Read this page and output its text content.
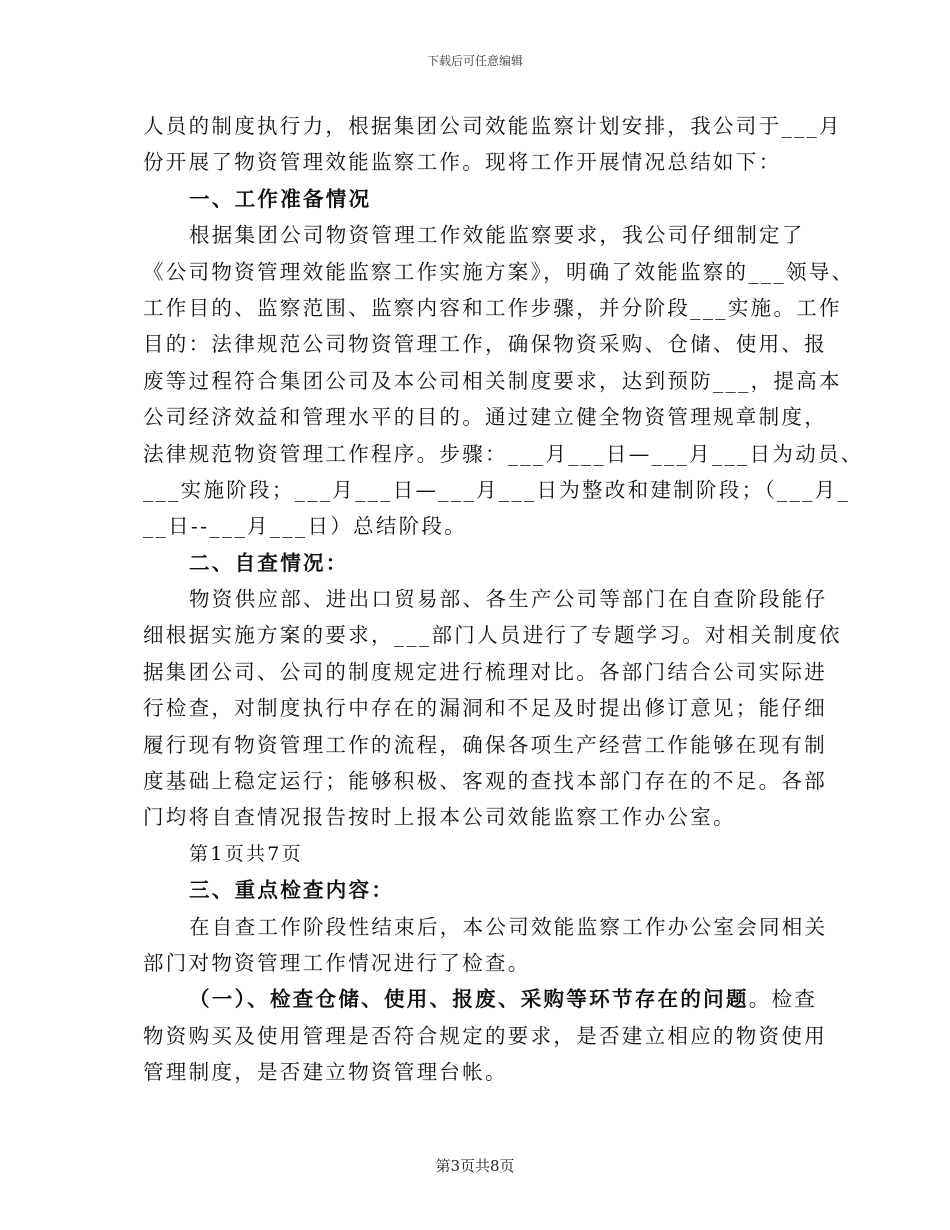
下载后可任意编辑
人员的制度执行力，根据集团公司效能监察计划安排，我公司于___月
份开展了物资管理效能监察工作。现将工作开展情况总结如下：
一、工作准备情况
根据集团公司物资管理工作效能监察要求，我公司仔细制定了
《公司物资管理效能监察工作实施方案》，明确了效能监察的___领导、
工作目的、监察范围、监察内容和工作步骤，并分阶段___实施。工作
目的：法律规范公司物资管理工作，确保物资采购、仓储、使用、报
废等过程符合集团公司及本公司相关制度要求，达到预防___，提高本
公司经济效益和管理水平的目的。通过建立健全物资管理规章制度，
法律规范物资管理工作程序。步骤：___月___日—___月___日为动员、
___实施阶段；___月___日—___月___日为整改和建制阶段；（___月_
__日--___月___日）总结阶段。
二、自查情况：
物资供应部、进出口贸易部、各生产公司等部门在自查阶段能仔
细根据实施方案的要求，___部门人员进行了专题学习。对相关制度依
据集团公司、公司的制度规定进行梳理对比。各部门结合公司实际进
行检查，对制度执行中存在的漏洞和不足及时提出修订意见；能仔细
履行现有物资管理工作的流程，确保各项生产经营工作能够在现有制
度基础上稳定运行；能够积极、客观的查找本部门存在的不足。各部
门均将自查情况报告按时上报本公司效能监察工作办公室。
第1页共7页
三、重点检查内容：
在自查工作阶段性结束后，本公司效能监察工作办公室会同相关
部门对物资管理工作情况进行了检查。
（一）、检查仓储、使用、报废、采购等环节存在的问题。检查
物资购买及使用管理是否符合规定的要求，是否建立相应的物资使用
管理制度，是否建立物资管理台帐。
第3页共8页
